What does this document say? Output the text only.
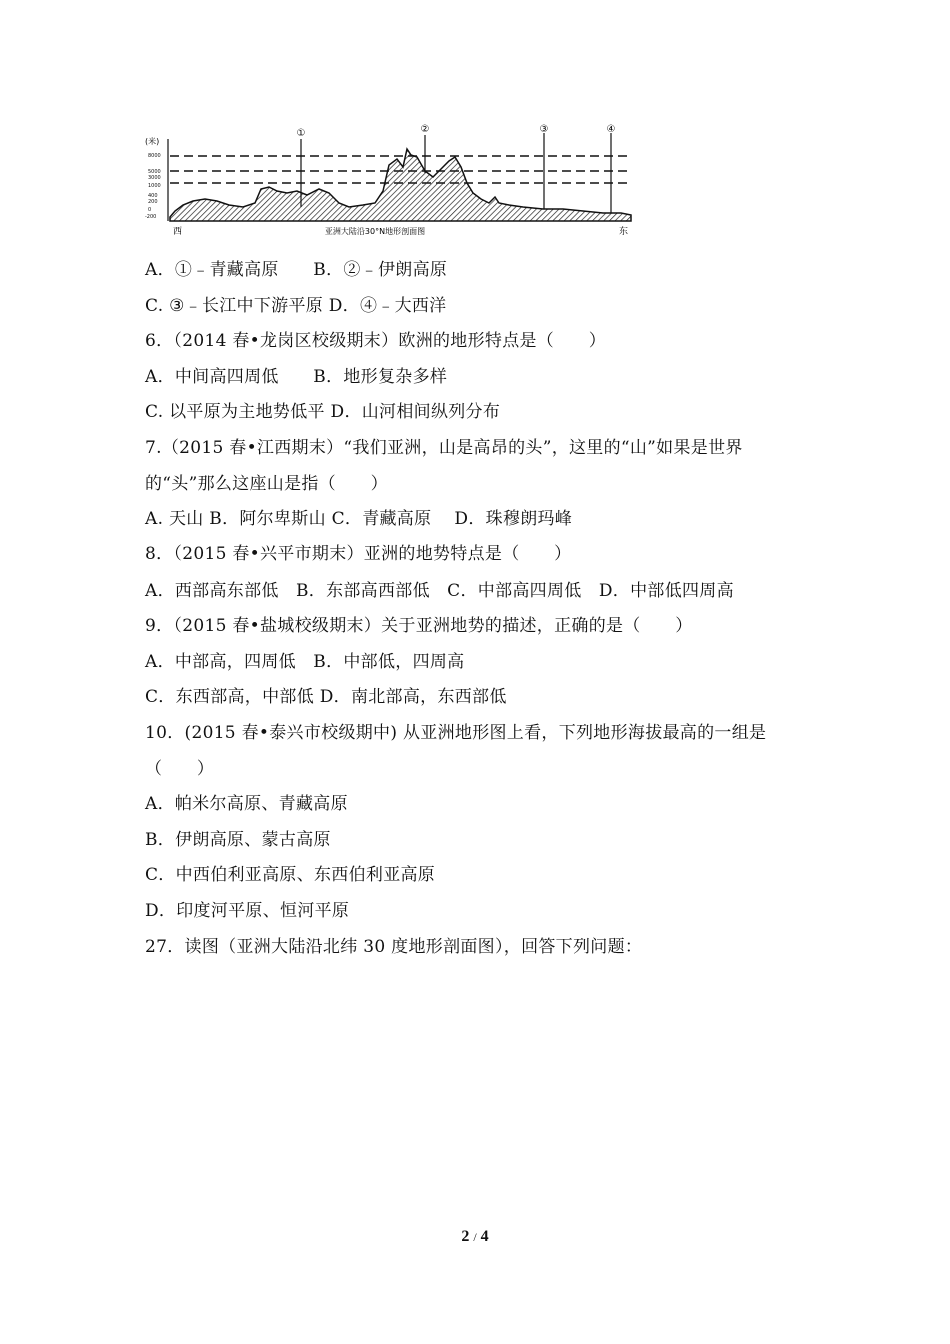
(米)
8000
5000
3000
1000
400
200
0
-200
①	②	③	④
西	东
亚洲大陆沿30°N地形剖面图
A．①﹣青藏高原　　B．②﹣伊朗高原
C. ③﹣长江中下游平原 D．④﹣大西洋
6．（2014 春•龙岗区校级期末）欧洲的地形特点是（　　）
A．中间高四周低　　B．地形复杂多样
C. 以平原为主地势低平 D．山河相间纵列分布
7.（2015 春•江西期末）“我们亚洲，山是高昂的头”，这里的“山”如果是世界
的“头”那么这座山是指（　　）
A. 天山 B．阿尔卑斯山 C．青藏高原　 D．珠穆朗玛峰
8．（2015 春•兴平市期末）亚洲的地势特点是（　　）
A．西部高东部低　B．东部高西部低　C．中部高四周低　D．中部低四周高
9．（2015 春•盐城校级期末）关于亚洲地势的描述，正确的是（　　）
A．中部高，四周低　B．中部低，四周高
C．东西部高，中部低 D．南北部高，东西部低
10．(2015 春•泰兴市校级期中) 从亚洲地形图上看，下列地形海拔最高的一组是
（　　）
A．帕米尔高原、青藏高原
B．伊朗高原、蒙古高原
C．中西伯利亚高原、东西伯利亚高原
D．印度河平原、恒河平原
27．读图（亚洲大陆沿北纬 30 度地形剖面图），回答下列问题：
2 / 4
